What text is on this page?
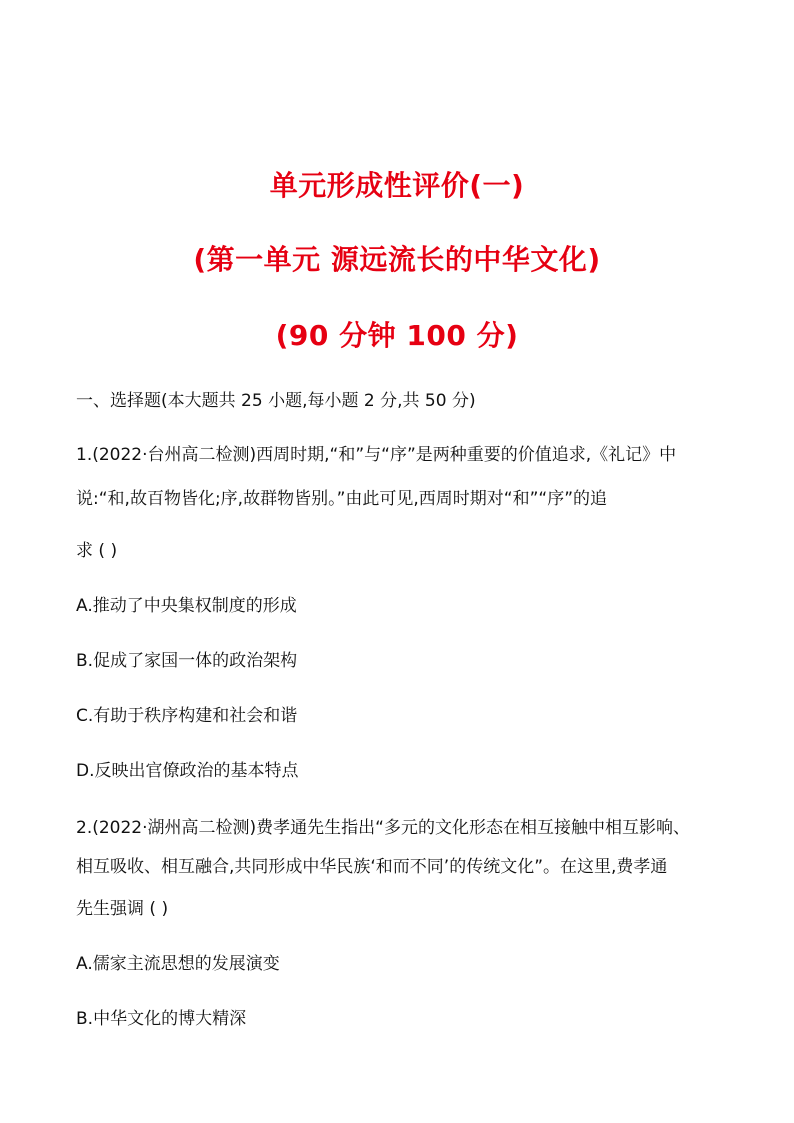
单元形成性评价(一)
(第一单元 源远流长的中华文化)
(90 分钟 100 分)
一、选择题(本大题共 25 小题,每小题 2 分,共 50 分)
1.(2022·台州高二检测)西周时期,“和”与“序”是两种重要的价值追求,《礼记》中
说:“和,故百物皆化;序,故群物皆别。”由此可见,西周时期对“和”“序”的追
求 ( )
A.推动了中央集权制度的形成
B.促成了家国一体的政治架构
C.有助于秩序构建和社会和谐
D.反映出官僚政治的基本特点
2.(2022·湖州高二检测)费孝通先生指出“多元的文化形态在相互接触中相互影响、
相互吸收、相互融合,共同形成中华民族‘和而不同’的传统文化”。在这里,费孝通
先生强调 ( )
A.儒家主流思想的发展演变
B.中华文化的博大精深
